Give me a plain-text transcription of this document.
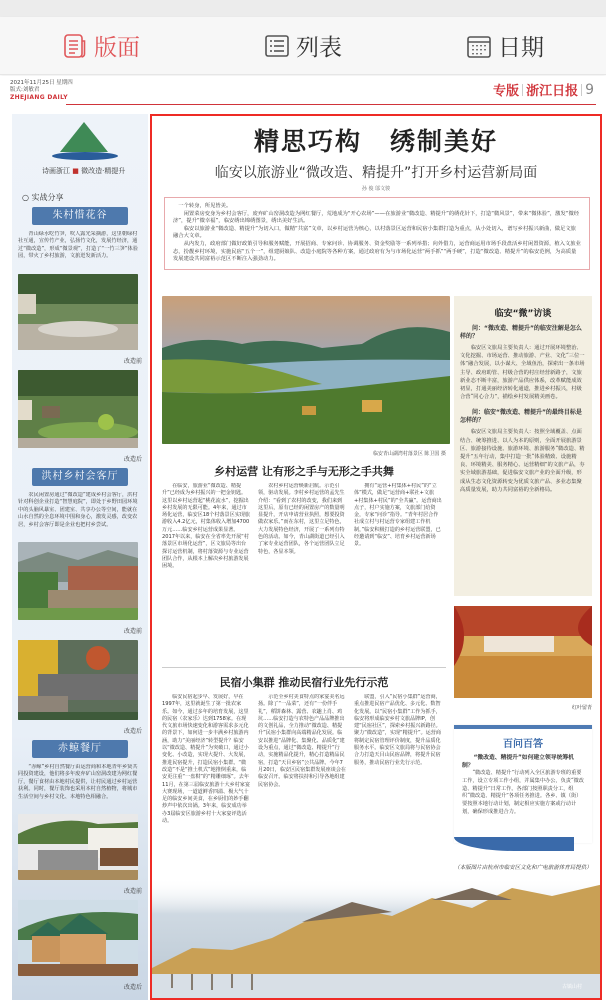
版面	列表	日期
2021年11月25日 星期四
版式:刘敏君
ZHEJIANG DAILY	专版 浙江日报 9
诗画浙江 ■ 微改造·精提升
○ 实战分享
朱村惜花谷

青山绿水吃竹笋，吹人露光采摘游，这里朝绿村社互通，宣传竹产业，弘扬竹文化，发展竹经济，通过“微改造”，形成“微景观”，打造了“一竹三笋”体验园，带火了乡村旅游，文旅迸发新活力。

改造前
改造后
洪村乡村会客厅

农民闲置房通过“微改造”建成乡村会客厅，洪村针对科创企业打造“智慧庭院”，即处于乡野田园环境中的头脑风暴室、团建室、共享办公等空间，能就在山水自然的全息环境中围和身心，激发灵感，改变农居，乡村会客厅即是企业也把村乡尝试。

改造前
改造后
赤鲸餐厅

“赤鲸”乡村自然餐厅由运营商和本地青年乡贤共同投资建设，他们将多年废弃矿山窑洞改建为网红餐厅，餐厅食材由本地村民提供，让村民通过乡村运营获利。同时，餐厅装饰也采用本村自然植物，将城市生活空间与乡村文化、本地特色相融合。

改造前
改造后
精思巧构 绣制美好
临安以旅游业“微改造、精提升”打开乡村运营新局面
孙 俊 邬文骏

一个转身，所见皆美。

闲置菜房变身为乡村会客厅，废弃矿山窑洞改造为网红餐厅，荒地成为“开心农场”——在旅游业“微改造、精提升”的绣花针下，打造“微风景”，带来“微体验”，激发“微经济”，提升“微幸福”，临安绣出锦绣图景，绣出美好生活。

临安以旅游业“微改造、精提升”为切入口，做精“共富”文章，以乡村运营为核心，以村落景区运营和民宿小集群打造为重点，从小处切入，谱写乡村振兴新曲，做足文旅融合大文章。

从内发力，政府部门做好政策引导和服务赋能，开展招商、专家问诊、协调服务、资金奖励等一系列举措；向外借力，运营商运用市场手段盘活乡村闲置资源，植入文旅业态，扮靓乡村环境，实施民宿“五个一”，组建厨娘队、改造小庭院等各种方案，通过政府有为与市场化运营“两手抓”“两手硬”，打造“微改造、精提升”的临安范例，为高质量发展建设共同富裕示范区不断注入强劲动力。

临安青山湖湾村落景区 陈卫国 摄
乡村运营 让有形之手与无形之手共舞

在临安，旅游业“微改造、精提升”已经成为乡村振兴的一把金钥匙。这里以乡村运营起“桃花流水”，挖掘出乡村发展的无限可能。4年来，通过市场化运营，临安区18个村落景区实现旅游收入4.2亿元，村集体收入增加4700万元……临安乡村运营成果显著。2017年以来，临安在全省率先开展“村落景区市场化运营”，区文旅局等出台探讨运营机制，将村落资源与专业运营团队合作，从根本上解决乡村旅游发展困境。

农村乡村运营焕新启航。示范引领，驱动发展。李村乡村运营的孟先生介绍：“看到了农村的改变，我们来到这里后，原有已经的闲置房产的数量明显提升，开店申请营业执照，想要投资做农家乐。”而在东村，这里立足特色，大力发展特色经济，开展了一系列有特色的活动。如今，青山湖街道已经引入了家专业运营团队，各个运营团队立足特色，各显本领。

拥有“运营+村集体+村民”的“立体”模式，做足“运营商+联社+文旅+村集体+村民”的“全共赢”。运营商出点子，村户实施方案，文旅部门给资金，专家“问诊”指导。“青年村居合作社成立村与村运营专家组建工作机制，”临安积极打造的乡村运营联盟，已经邀请到“临安”、培育乡村运营新场景。

民宿小集群 推动民宿行业先行示范

临安民宿起步早、发展好，早在1997年，这里就诞生了第一批农家乐。如今，通过多年的培育发展，这里的民宿（农家乐）达到1758家。在现代文旅市场快速变化和游客需求多元化的背景下，如何进一步丰满乡村旅游内涵，助力“美丽经济”转型提升？临安以“微改造、精提升”为突破口，通过小变化、小改造，实现大提升、大发展，推进民宿提升，打造民宿小集群。“微改造”不是“推土机式”地推倒重来，临安更注重“一盘棋”的“精雕细琢”。去年11月，在第三届临安旅游十大乡村家宴大赛现场，一道道鲜香四溢、极大气十足的临安乡间美食，在乡厨们的妙手翻炒声中依次出锅。3年来，临安成功举办3届临安区旅游乡村十大家宴评选活动。

示范全乡村美食特点的家宴美名远扬。除了“一品菜”，还有“一份伴手礼”，稻饼森林、露营、农趣上肖、鸡坑……临安打造与农特色产品品牌推出的文创礼品，全力推动“微改造、精提升”民宿小集群向高端精品化发展。临安以推进“品牌化、集聚化、品质化”建设为重点，通过“微改造、精提升”行动，实施精品化提升，精心打造精品民宿，打造“天目乡宿”公共品牌。今年7月20日，临安区民宿集群发展座谈会在临安召开。临安将扶持和引导各地组建民宿协会。

联盟，引入“民宿小集群”运营商，重点推进民宿产品优化、多元化、数智化发展。以“民宿小集群”工作为抓手，临安将形成临安乡村文旅品牌IP，创建“民宿社区”，探索乡村振兴新路径。聚力“微改造”，实现“精提升”。运营商将制定民宿管理评价制度，提升品质化服务水平。临安区文旅局将与民宿协会合力打造天目山民宿品牌，将提升民宿服务，推动民宿行业先行示范。

临安“微”访谈

问：“微改造、精提升”的临安注解是怎么样的？

临安区文旅局主要负责人：通过开展环境整治、文化挖掘、市场运营、推动旅游、产业、文化“三位一体”融合发展，以小谋大、全域鱼治，探索出一条市场主导、政府助管、村级合营的村庄经营新路子，文旅新业态不断丰富，旅游产品供应体系，改革赋能成效初显，打通美丽经济转化通道，推进乡村振兴，村级合营“同心合力”，描绘乡村发展精美画卷。

问：临安“微改造、精提升”的最终目标是怎样的？

临安区文旅局主要负责人：按照全域覆盖、点面结合、统筹推进、以人为本的原则，全面开展旅游景区、旅游接待设施、旅游环境、旅游服务“微改造、精提升”五年行动，集中打造一批“体验精致、设施精良、环境精美、服务精心、运营精细”的文旅产品，夯实全域旅游基础，促进临安文旅产业的全面升级，形成从生态文化资源转变为优质文旅产品、多业态集聚高质量发展，助力共同富裕的全新格局。

红叶留青
百问百答

“微改造、精提升”如何建立领导统筹机制？

“微改造、精提升”行动列入全区旅游专班的重要工作，设立专项工作小组，并属集中办公，负责“微改造、精提升”日常工作。各部门按照职责分工，组织“微改造、精提升”各项任务推进。各乡、镇（街）要按照本地行动计划，制定相应实施方案或行动计划，确保形成推进合力。

（本版图片由杭州市临安区文化和广电旅游体育局提供）
古镇山村
